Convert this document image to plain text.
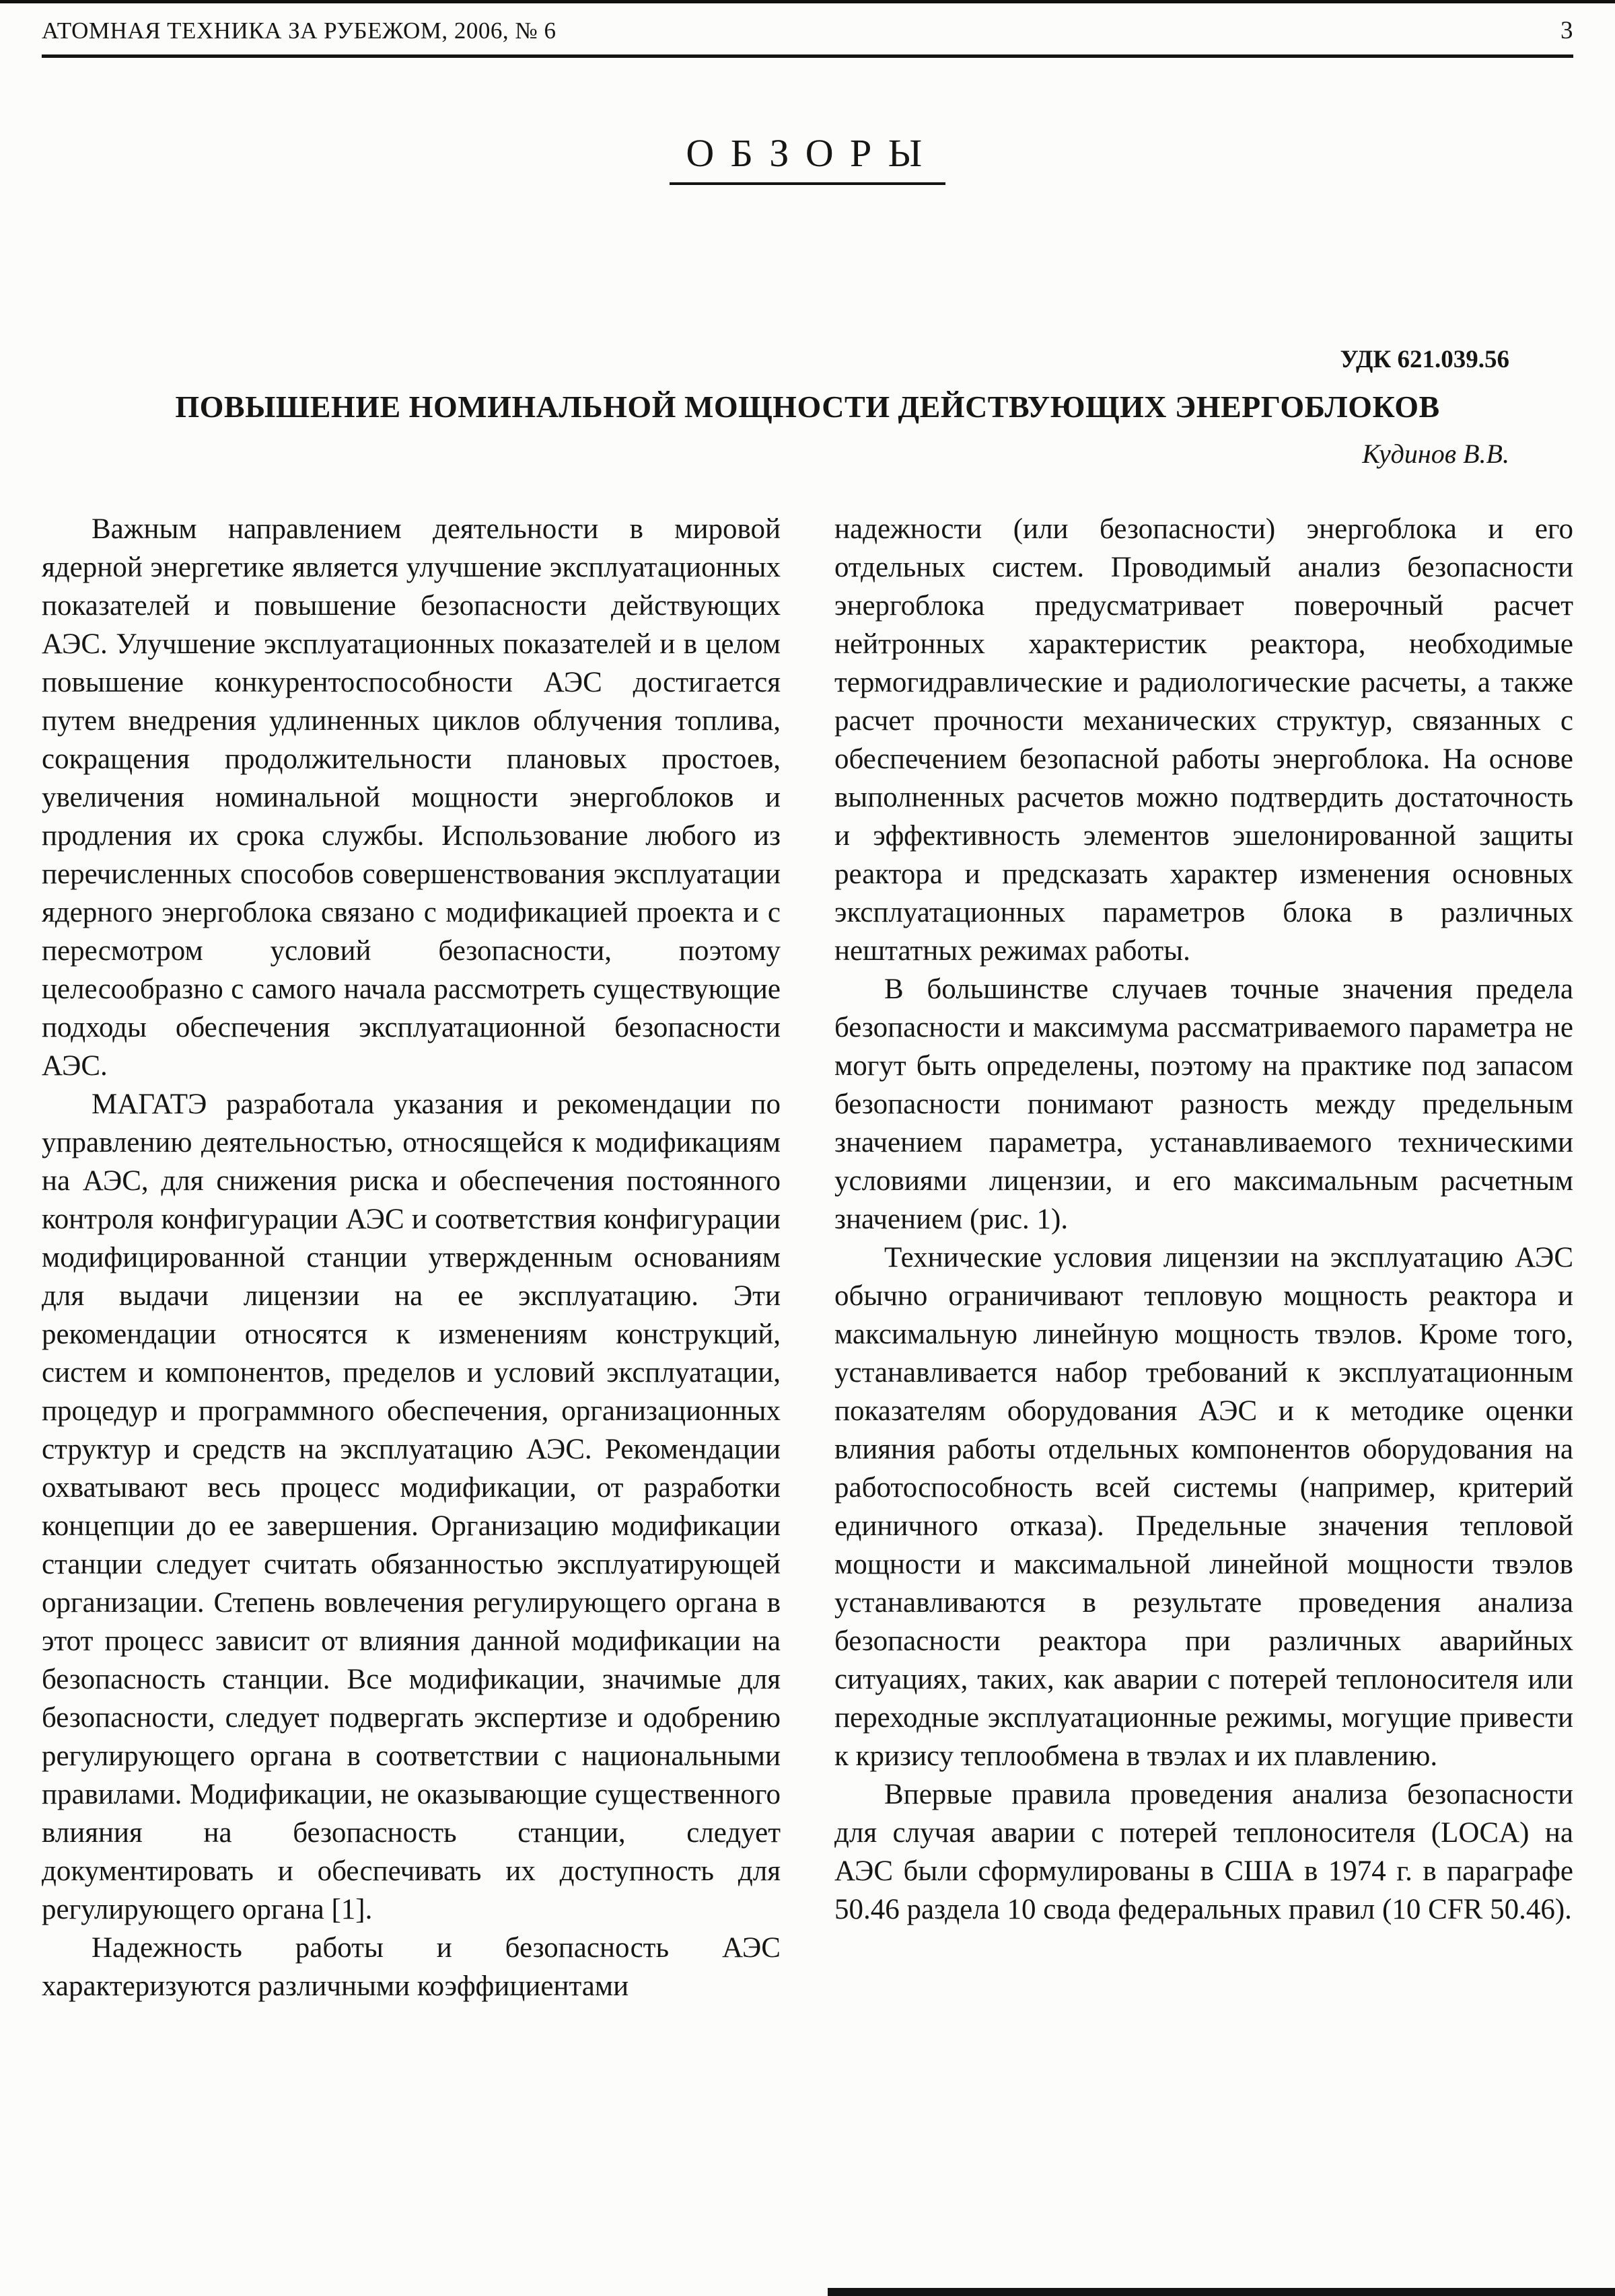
АТОМНАЯ ТЕХНИКА ЗА РУБЕЖОМ, 2006, № 6	3
ОБЗОРЫ
УДК 621.039.56
ПОВЫШЕНИЕ НОМИНАЛЬНОЙ МОЩНОСТИ ДЕЙСТВУЮЩИХ ЭНЕРГОБЛОКОВ
Кудинов В.В.

Важным направлением деятельности в мировой ядерной энергетике является улучшение эксплуатационных показателей и повышение безопасности действующих АЭС. Улучшение эксплуатационных показателей и в целом повышение конкурентоспособности АЭС достигается путем внедрения удлиненных циклов облучения топлива, сокращения продолжительности плановых простоев, увеличения номинальной мощности энергоблоков и продления их срока службы. Использование любого из перечисленных способов совершенствования эксплуатации ядерного энергоблока связано с модификацией проекта и с пересмотром условий безопасности, поэтому целесообразно с самого начала рассмотреть существующие подходы обеспечения эксплуатационной безопасности АЭС.

МАГАТЭ разработала указания и рекомендации по управлению деятельностью, относящейся к модификациям на АЭС, для снижения риска и обеспечения постоянного контроля конфигурации АЭС и соответствия конфигурации модифицированной станции утвержденным основаниям для выдачи лицензии на ее эксплуатацию. Эти рекомендации относятся к изменениям конструкций, систем и компонентов, пределов и условий эксплуатации, процедур и программного обеспечения, организационных структур и средств на эксплуатацию АЭС. Рекомендации охватывают весь процесс модификации, от разработки концепции до ее завершения. Организацию модификации станции следует считать обязанностью эксплуатирующей организации. Степень вовлечения регулирующего органа в этот процесс зависит от влияния данной модификации на безопасность станции. Все модификации, значимые для безопасности, следует подвергать экспертизе и одобрению регулирующего органа в соответствии с национальными правилами. Модификации, не оказывающие существенного влияния на безопасность станции, следует документировать и обеспечивать их доступность для регулирующего органа [1].

Надежность работы и безопасность АЭС характеризуются различными коэффициентами

надежности (или безопасности) энергоблока и его отдельных систем. Проводимый анализ безопасности энергоблока предусматривает поверочный расчет нейтронных характеристик реактора, необходимые термогидравлические и радиологические расчеты, а также расчет прочности механических структур, связанных с обеспечением безопасной работы энергоблока. На основе выполненных расчетов можно подтвердить достаточность и эффективность элементов эшелонированной защиты реактора и предсказать характер изменения основных эксплуатационных параметров блока в различных нештатных режимах работы.

В большинстве случаев точные значения предела безопасности и максимума рассматриваемого параметра не могут быть определены, поэтому на практике под запасом безопасности понимают разность между предельным значением параметра, устанавливаемого техническими условиями лицензии, и его максимальным расчетным значением (рис. 1).

Технические условия лицензии на эксплуатацию АЭС обычно ограничивают тепловую мощность реактора и максимальную линейную мощность твэлов. Кроме того, устанавливается набор требований к эксплуатационным показателям оборудования АЭС и к методике оценки влияния работы отдельных компонентов оборудования на работоспособность всей системы (например, критерий единичного отказа). Предельные значения тепловой мощности и максимальной линейной мощности твэлов устанавливаются в результате проведения анализа безопасности реактора при различных аварийных ситуациях, таких, как аварии с потерей теплоносителя или переходные эксплуатационные режимы, могущие привести к кризису теплообмена в твэлах и их плавлению.

Впервые правила проведения анализа безопасности для случая аварии с потерей теплоносителя (LOCA) на АЭС были сформулированы в США в 1974 г. в параграфе 50.46 раздела 10 свода федеральных правил (10 CFR 50.46).
